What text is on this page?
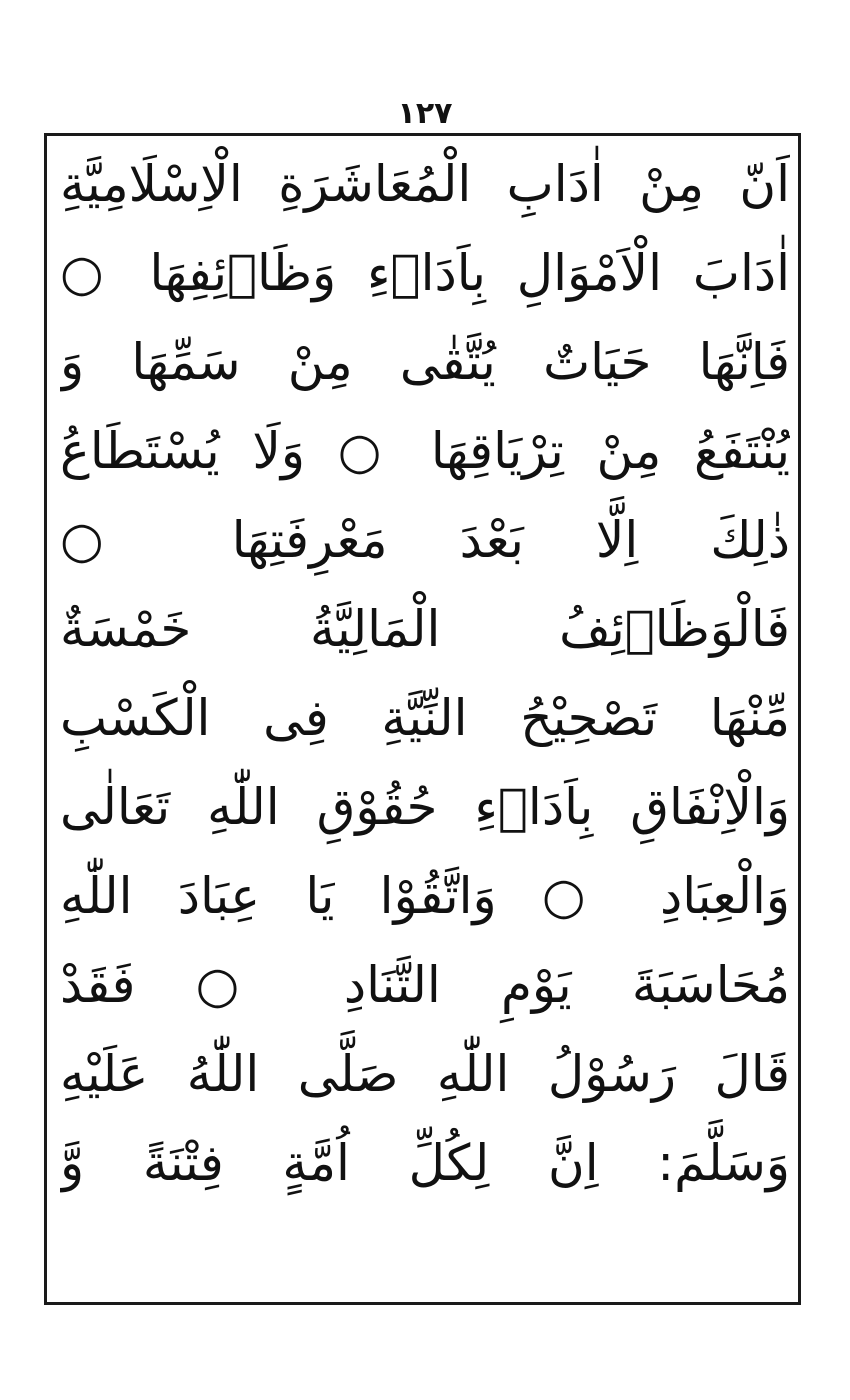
١٢٧
اَنّ مِنْ اٰدَابِ الْمُعَاشَرَةِ الْاِسْلَامِيَّةِ
اٰدَابَ الْاَمْوَالِ بِاَدَاۤءِ وَظَاۤئِفِهَا ○
فَاِنَّهَا حَيَاتٌ يُتَّقٰى مِنْ سَمِّهَا وَ
يُنْتَفَعُ مِنْ تِرْيَاقِهَا ○ وَلَا يُسْتَطَاعُ
ذٰلِكَ اِلَّا بَعْدَ مَعْرِفَتِهَا ○
فَالْوَظَاۤئِفُ الْمَالِيَّةُ خَمْسَةٌ
مِّنْهَا تَصْحِيْحُ النِّيَّةِ فِى الْكَسْبِ
وَالْاِنْفَاقِ بِاَدَاۤءِ حُقُوْقِ اللّٰهِ تَعَالٰى
وَالْعِبَادِ ○ وَاتَّقُوْا يَا عِبَادَ اللّٰهِ
مُحَاسَبَةَ يَوْمِ التَّنَادِ ○ فَقَدْ
قَالَ رَسُوْلُ اللّٰهِ صَلَّى اللّٰهُ عَلَيْهِ
وَسَلَّمَ: اِنَّ لِكُلِّ اُمَّةٍ فِتْنَةً وَّ
